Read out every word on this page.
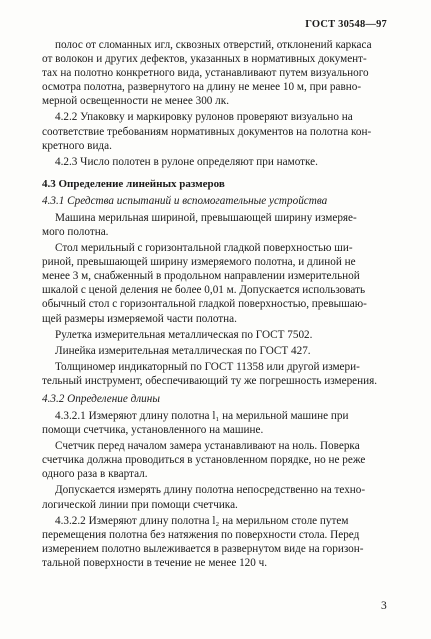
ГОСТ 30548—97
полос от сломанных игл, сквозных отверстий, отклонений каркаса
от волокон и других дефектов, указанных в нормативных документ-
тах на полотно конкретного вида, устанавливают путем визуального
осмотра полотна, развернутого на длину не менее 10 м, при равно-
мерной освещенности не менее 300 лк.
4.2.2 Упаковку и маркировку рулонов проверяют визуально на
соответствие требованиям нормативных документов на полотна кон-
кретного вида.
4.2.3 Число полотен в рулоне определяют при намотке.
4.3 Определение линейных размеров
4.3.1 Средства испытаний и вспомогательные устройства
Машина мерильная шириной, превышающей ширину измеряе-
мого полотна.
Стол мерильный с горизонтальной гладкой поверхностью ши-
риной, превышающей ширину измеряемого полотна, и длиной не
менее 3 м, снабженный в продольном направлении измерительной
шкалой с ценой деления не более 0,01 м. Допускается использовать
обычный стол с горизонтальной гладкой поверхностью, превышаю-
щей размеры измеряемой части полотна.
Рулетка измерительная металлическая по ГОСТ 7502.
Линейка измерительная металлическая по ГОСТ 427.
Толщиномер индикаторный по ГОСТ 11358 или другой измери-
тельный инструмент, обеспечивающий ту же погрешность измерения.
4.3.2 Определение длины
4.3.2.1 Измеряют длину полотна l₁ на мерильной машине при
помощи счетчика, установленного на машине.
Счетчик перед началом замера устанавливают на ноль. Поверка
счетчика должна проводиться в установленном порядке, но не реже
одного раза в квартал.
Допускается измерять длину полотна непосредственно на техно-
логической линии при помощи счетчика.
4.3.2.2 Измеряют длину полотна l₂ на мерильном столе путем
перемещения полотна без натяжения по поверхности стола. Перед
измерением полотно вылеживается в развернутом виде на горизон-
тальной поверхности в течение не менее 120 ч.
3
